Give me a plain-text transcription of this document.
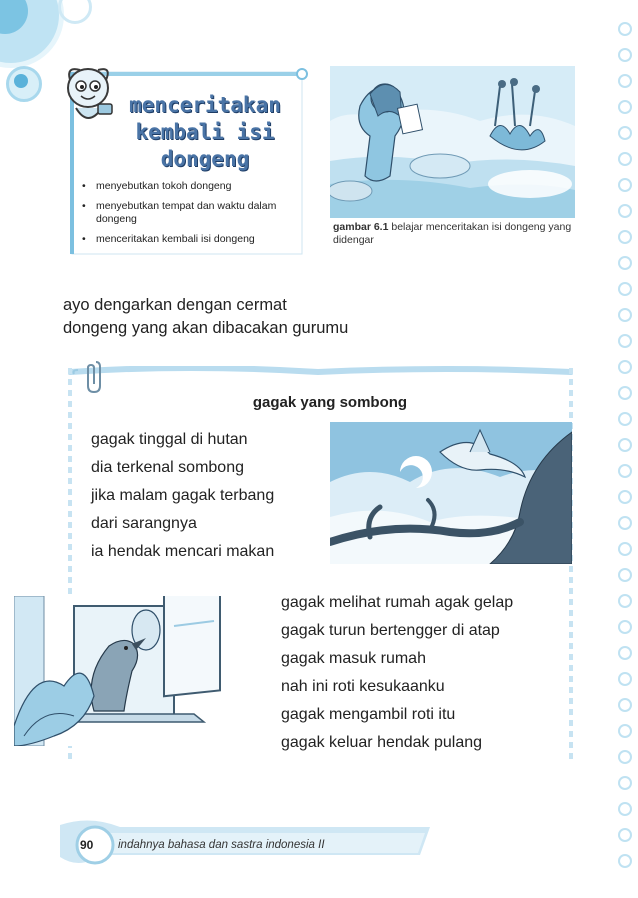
menceritakan
kembali isi
dongeng
• menyebutkan tokoh dongeng
• menyebutkan tempat dan waktu dalam dongeng
• menceritakan kembali isi dongeng
gambar 6.1 belajar menceritakan isi dongeng yang didengar
ayo dengarkan dengan cermat
dongeng yang akan dibacakan gurumu
gagak yang sombong
gagak tinggal di hutan
dia terkenal sombong
jika malam gagak terbang
dari sarangnya
ia hendak mencari makan
gagak melihat rumah agak gelap
gagak turun bertengger di atap
gagak masuk rumah
nah ini roti kesukaanku
gagak mengambil roti itu
gagak keluar hendak pulang
90 indahnya bahasa dan sastra indonesia II
